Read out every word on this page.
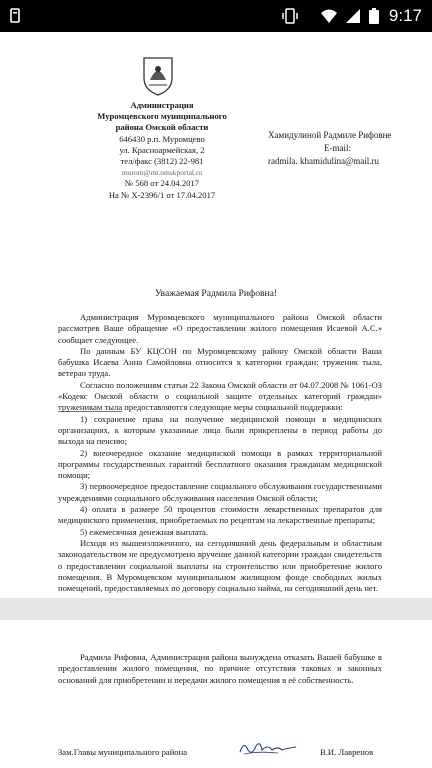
9:17
Администрация
Муромцевского муниципального
района Омской области
646430 р.п. Муромцево
ул. Красноармейская, 2
тел/факс (3812) 22-981
murom@mr.omskportal.ru
№ 568 от 24.04.2017
На № Х-2396/1 от 17.04.2017
Хамидулиной Радмиле Рифовне
E-mail:
radmila. khamidulina@mail.ru
Уважаемая Радмила Рифовна!

Администрация Муромцевского муниципального района Омской области рассмотрев Ваше обращение «О предоставлении жилого помещения Исаевой А.С.» сообщает следующее.

По данным БУ КЦСОН по Муромцевскому району Омской области Ваша бабушка Исаева Анна Самойловна относится к категории граждан: труженик тыла, ветеран труда.

Согласно положениям статьи 22 Закона Омской области от 04.07.2008 № 1061-ОЗ «Кодекс Омской области о социальной защите отдельных категорий граждан» труженикам тыла предоставляются следующие меры социальной поддержки:

1) сохранение права на получение медицинской помощи в медицинских организациях, к которым указанные лица были прикреплены в период работы до выхода на пенсию;

2) внеочередное оказание медицинской помощи в рамках территориальной программы государственных гарантий бесплатного оказания гражданам медицинской помощи;

3) первоочередное предоставление социального обслуживания государственными учреждениями социального обслуживания населения Омской области;

4) оплата в размере 50 процентов стоимости лекарственных препаратов для медицинского применения, приобретаемых по рецептам на лекарственные препараты;

5) ежемесячная денежная выплата.

Исходя из вышеизложенного, на сегодняшний день федеральным и областным законодательством не предусмотрено вручение данной категории граждан свидетельств о предоставлении социальной выплаты на строительство или приобретение жилого помещения. В Муромцевском муниципальном жилищном фонде свободных жилых помещений, предоставляемых по договору социально найма, на сегодняшний день нет.

Радмила Рифовна, Администрация района вынуждена отказать Вашей бабушке в предоставлении жилого помещения, по причине отсутствия таковых и законных оснований для приобретении и передачи жилого помещения в её собственность.

Зам.Главы муниципального района	В.И. Лавренов
